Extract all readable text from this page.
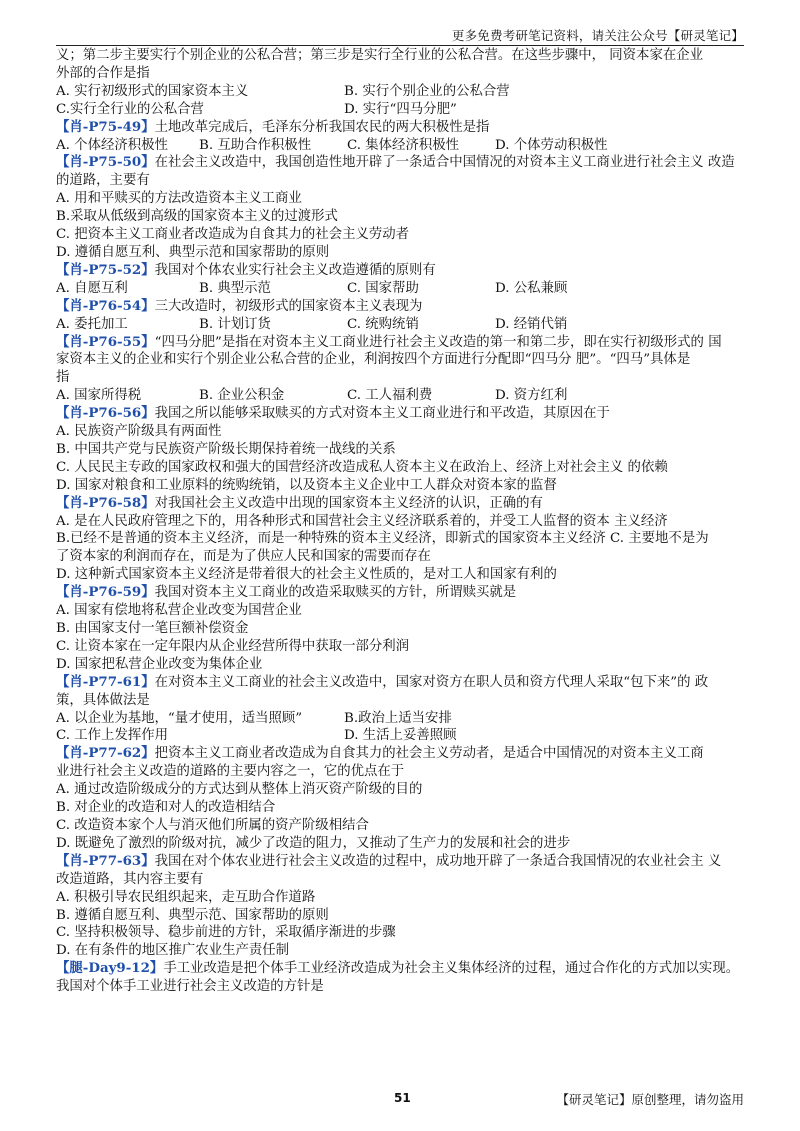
更多免费考研笔记资料，请关注公众号【研灵笔记】
义；第二步主要实行个别企业的公私合营；第三步是实行全行业的公私合营。在这些步骤中， 同资本家在企业
外部的合作是指
A. 实行初级形式的国家资本主义	B. 实行个别企业的公私合营
C.实行全行业的公私合营	D. 实行“四马分肥”
【肖-P75-49】土地改革完成后，毛泽东分析我国农民的两大积极性是指
A. 个体经济积极性	B. 互助合作积极性	C. 集体经济积极性	D. 个体劳动积极性
【肖-P75-50】在社会主义改造中，我国创造性地开辟了一条适合中国情况的对资本主义工商业进行社会主义 改造
的道路，主要有
A. 用和平赎买的方法改造资本主义工商业
B.采取从低级到高级的国家资本主义的过渡形式
C. 把资本主义工商业者改造成为自食其力的社会主义劳动者
D. 遵循自愿互利、典型示范和国家帮助的原则
【肖-P75-52】我国对个体农业实行社会主义改造遵循的原则有
A. 自愿互利	B. 典型示范	C. 国家帮助	D. 公私兼顾
【肖-P76-54】三大改造时，初级形式的国家资本主义表现为
A. 委托加工	B. 计划订货	C. 统购统销	D. 经销代销
【肖-P76-55】“四马分肥”是指在对资本主义工商业进行社会主义改造的第一和第二步，即在实行初级形式的 国
家资本主义的企业和实行个别企业公私合营的企业，利润按四个方面进行分配即“四马分 肥”。“四马”具体是
指
A. 国家所得税	B. 企业公积金	C. 工人福利费	D. 资方红利
【肖-P76-56】我国之所以能够采取赎买的方式对资本主义工商业进行和平改造，其原因在于
A. 民族资产阶级具有两面性
B. 中国共产党与民族资产阶级长期保持着统一战线的关系
C. 人民民主专政的国家政权和强大的国营经济改造成私人资本主义在政治上、经济上对社会主义 的依赖
D. 国家对粮食和工业原料的统购统销，以及资本主义企业中工人群众对资本家的监督
【肖-P76-58】对我国社会主义改造中出现的国家资本主义经济的认识，正确的有
A. 是在人民政府管理之下的，用各种形式和国营社会主义经济联系着的，并受工人监督的资本 主义经济
B.已经不是普通的资本主义经济，而是一种特殊的资本主义经济，即新式的国家资本主义经济 C. 主要地不是为
了资本家的利润而存在，而是为了供应人民和国家的需要而存在
D. 这种新式国家资本主义经济是带着很大的社会主义性质的，是对工人和国家有利的
【肖-P76-59】我国对资本主义工商业的改造采取赎买的方针，所谓赎买就是
A. 国家有偿地将私营企业改变为国营企业
B. 由国家支付一笔巨额补偿资金
C. 让资本家在一定年限内从企业经营所得中获取一部分利润
D. 国家把私营企业改变为集体企业
【肖-P77-61】在对资本主义工商业的社会主义改造中，国家对资方在职人员和资方代理人采取“包下来”的 政
策，具体做法是
A. 以企业为基地，“量才使用，适当照顾”	B.政治上适当安排
C. 工作上发挥作用	D. 生活上妥善照顾
【肖-P77-62】把资本主义工商业者改造成为自食其力的社会主义劳动者，是适合中国情况的对资本主义工商
业进行社会主义改造的道路的主要内容之一，它的优点在于
A. 通过改造阶级成分的方式达到从整体上消灭资产阶级的目的
B. 对企业的改造和对人的改造相结合
C. 改造资本家个人与消灭他们所属的资产阶级相结合
D. 既避免了激烈的阶级对抗，减少了改造的阻力，又推动了生产力的发展和社会的进步
【肖-P77-63】我国在对个体农业进行社会主义改造的过程中，成功地开辟了一条适合我国情况的农业社会主 义
改造道路，其内容主要有
A. 积极引导农民组织起来，走互助合作道路
B. 遵循自愿互利、典型示范、国家帮助的原则
C. 坚持积极领导、稳步前进的方针，采取循序渐进的步骤
D. 在有条件的地区推广农业生产责任制
【腿-Day9-12】手工业改造是把个体手工业经济改造成为社会主义集体经济的过程，通过合作化的方式加以实现。
我国对个体手工业进行社会主义改造的方针是
51	【研灵笔记】原创整理，请勿盗用
